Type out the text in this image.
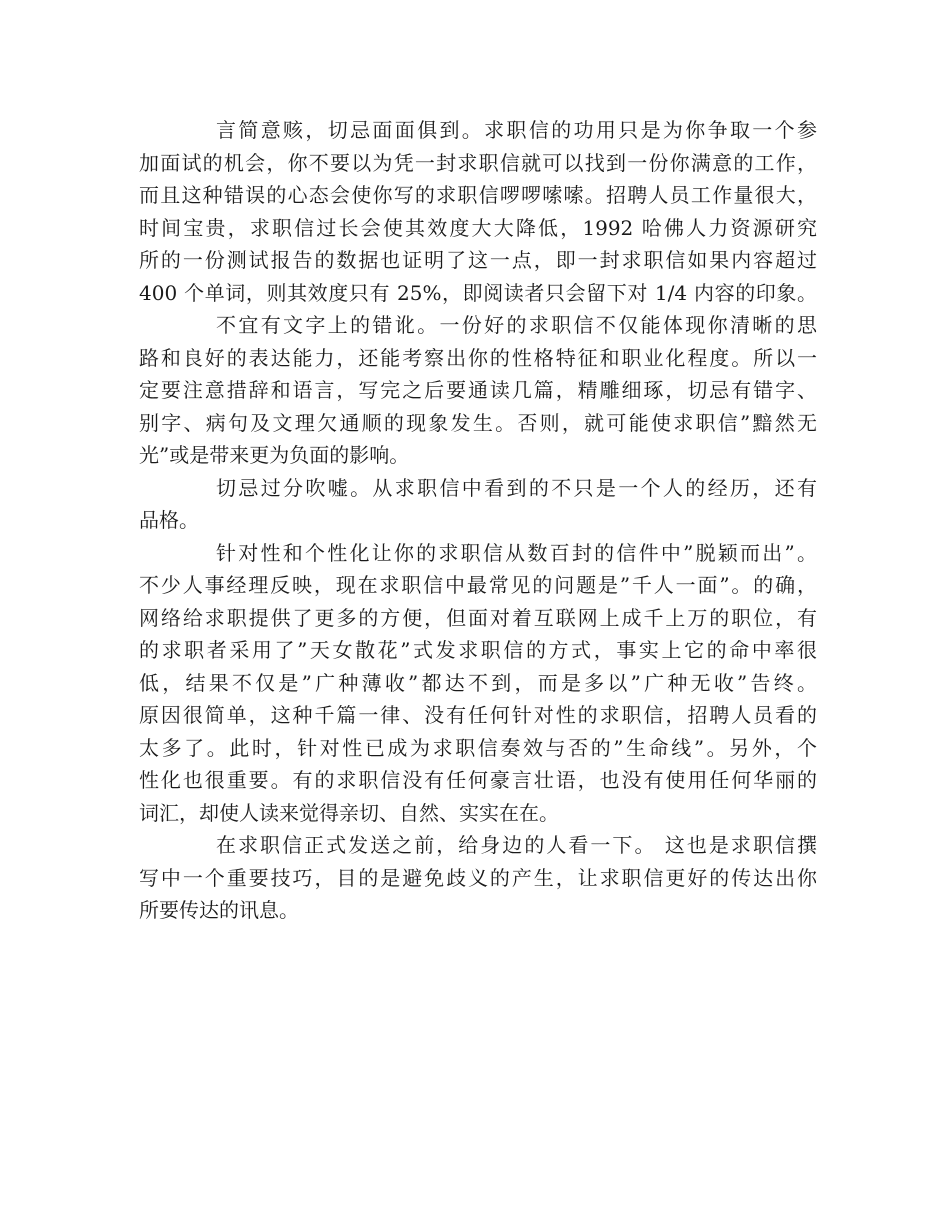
言简意赅，切忌面面俱到。求职信的功用只是为你争取一个参
加面试的机会，你不要以为凭一封求职信就可以找到一份你满意的工作，
而且这种错误的心态会使你写的求职信啰啰嗦嗦。招聘人员工作量很大，
时间宝贵，求职信过长会使其效度大大降低，1992 哈佛人力资源研究
所的一份测试报告的数据也证明了这一点，即一封求职信如果内容超过
400 个单词，则其效度只有 25%，即阅读者只会留下对 1/4 内容的印象。
不宜有文字上的错讹。一份好的求职信不仅能体现你清晰的思
路和良好的表达能力，还能考察出你的性格特征和职业化程度。所以一
定要注意措辞和语言，写完之后要通读几篇，精雕细琢，切忌有错字、
别字、病句及文理欠通顺的现象发生。否则，就可能使求职信”黯然无
光”或是带来更为负面的影响。
切忌过分吹嘘。从求职信中看到的不只是一个人的经历，还有
品格。
针对性和个性化让你的求职信从数百封的信件中”脱颖而出”。
不少人事经理反映，现在求职信中最常见的问题是”千人一面”。的确，
网络给求职提供了更多的方便，但面对着互联网上成千上万的职位，有
的求职者采用了”天女散花”式发求职信的方式，事实上它的命中率很
低，结果不仅是”广种薄收”都达不到，而是多以”广种无收”告终。
原因很简单，这种千篇一律、没有任何针对性的求职信，招聘人员看的
太多了。此时，针对性已成为求职信奏效与否的”生命线”。另外，个
性化也很重要。有的求职信没有任何豪言壮语，也没有使用任何华丽的
词汇，却使人读来觉得亲切、自然、实实在在。
在求职信正式发送之前，给身边的人看一下。 这也是求职信撰
写中一个重要技巧，目的是避免歧义的产生，让求职信更好的传达出你
所要传达的讯息。
